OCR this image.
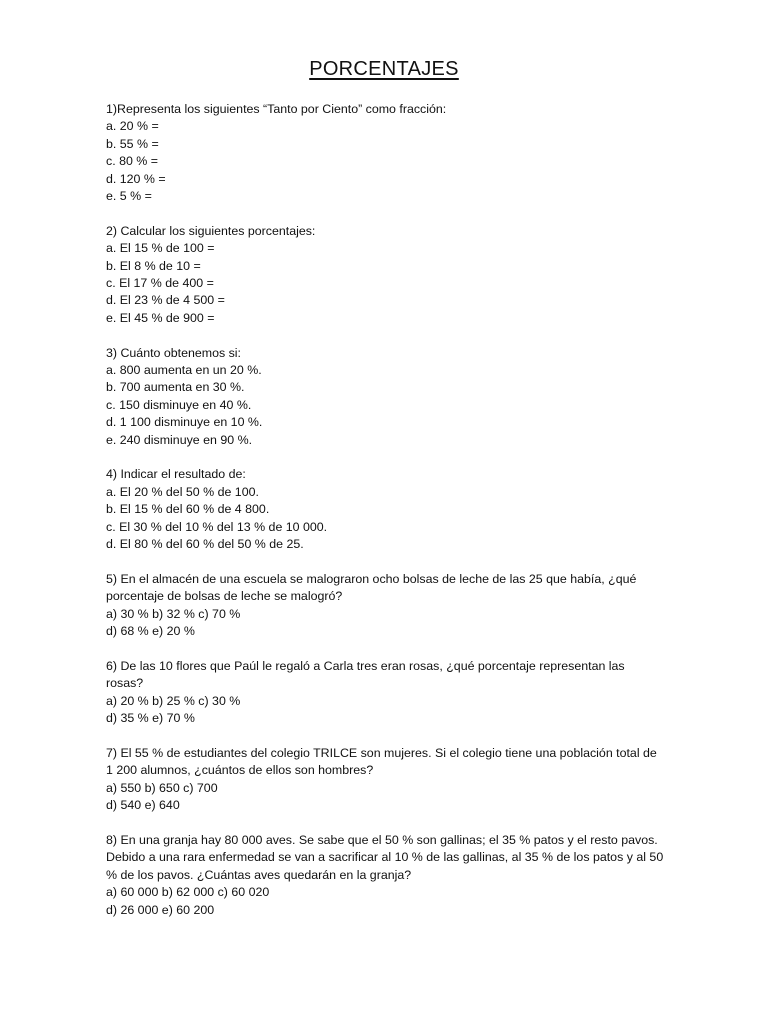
PORCENTAJES
1)Representa los siguientes “Tanto por Ciento” como fracción:
a. 20 % =
b. 55 % =
c. 80 % =
d. 120 % =
e. 5 % =
2) Calcular los siguientes porcentajes:
a. El 15 % de 100 =
b. El 8 % de 10 =
c. El 17 % de 400 =
d. El 23 % de 4 500 =
e. El 45 % de 900 =
3) Cuánto obtenemos si:
a. 800 aumenta en un 20 %.
b. 700 aumenta en 30 %.
c. 150 disminuye en 40 %.
d. 1 100 disminuye en 10 %.
e. 240 disminuye en 90 %.
4) Indicar el resultado de:
a. El 20 % del 50 % de 100.
b. El 15 % del 60 % de 4 800.
c. El 30 % del 10 % del 13 % de 10 000.
d. El 80 % del 60 % del 50 % de 25.
5) En el almacén de una escuela se malograron ocho bolsas de leche de las 25 que había, ¿qué
porcentaje de bolsas de leche se malogró?
a) 30 % b) 32 % c) 70 %
d) 68 % e) 20 %
6) De las 10 flores que Paúl le regaló a Carla tres eran rosas, ¿qué porcentaje representan las
rosas?
a) 20 % b) 25 % c) 30 %
d) 35 % e) 70 %
7) El 55 % de estudiantes del colegio TRILCE son mujeres. Si el colegio tiene una población total de
1 200 alumnos, ¿cuántos de ellos son hombres?
a) 550 b) 650 c) 700
d) 540 e) 640
8) En una granja hay 80 000 aves. Se sabe que el 50 % son gallinas; el 35 % patos y el resto pavos.
Debido a una rara enfermedad se van a sacrificar al 10 % de las gallinas, al 35 % de los patos y al 50
% de los pavos. ¿Cuántas aves quedarán en la granja?
a) 60 000 b) 62 000 c) 60 020
d) 26 000 e) 60 200
